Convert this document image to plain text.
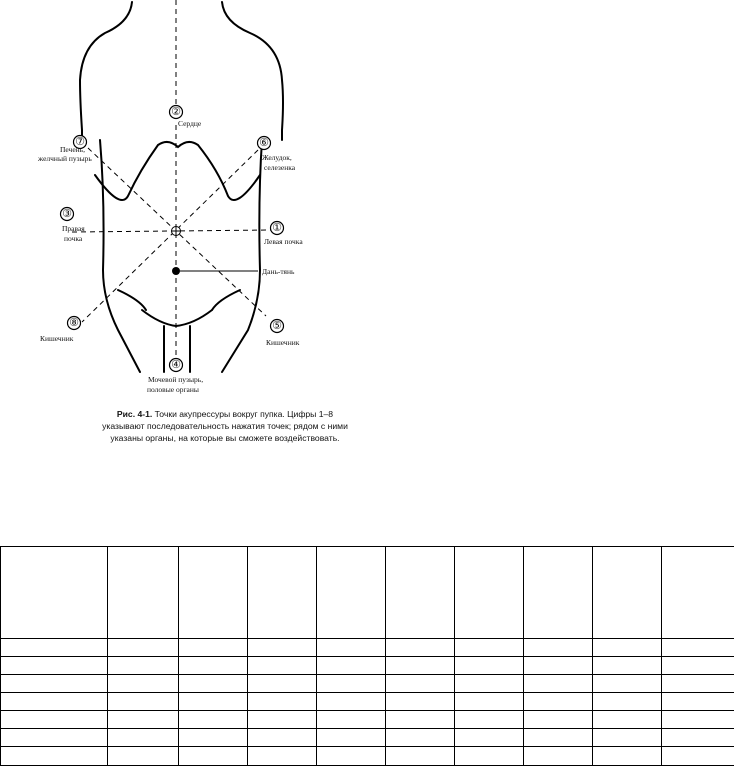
Дань-тянь
①
②
③
④
⑤
⑥
⑦
⑧
Левая почка
Сердце
Правая
почка
Мочевой пузырь,
половые органы
Кишечник
Желудок,
селезенка
Печень,
желчный пузырь
Кишечник
Рис. 4-1. Точки акупрессуры вокруг пупка. Цифры 1–8 указывают последовательность нажатия точек; рядом с ними указаны органы, на которые вы сможете воздействовать.
